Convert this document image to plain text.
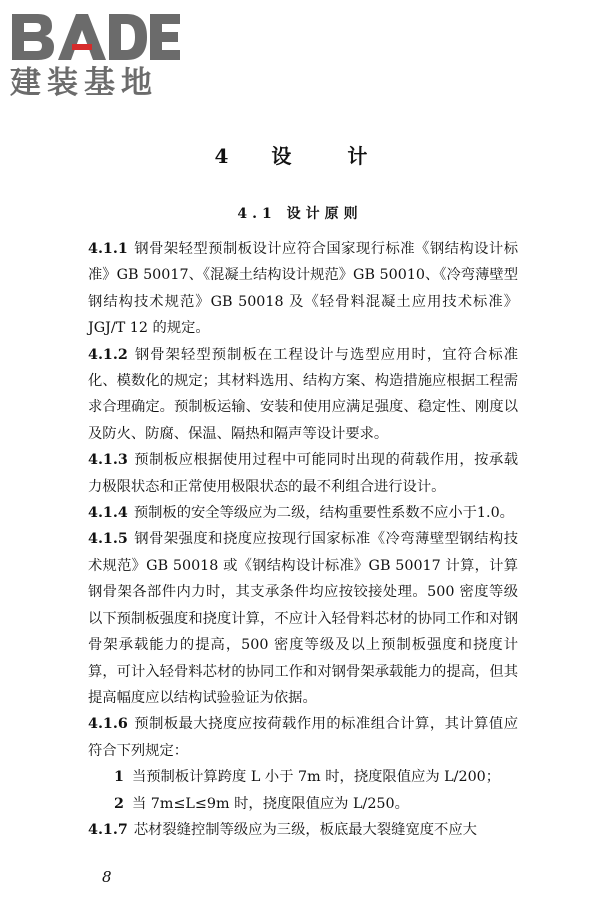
建装基地
4 设　计
4.1 设计原则

4.1.1 钢骨架轻型预制板设计应符合国家现行标准《钢结构设计标准》GB 50017、《混凝土结构设计规范》GB 50010、《冷弯薄壁型钢结构技术规范》GB 50018 及《轻骨料混凝土应用技术标准》JGJ/T 12 的规定。

4.1.2 钢骨架轻型预制板在工程设计与选型应用时，宜符合标准化、模数化的规定；其材料选用、结构方案、构造措施应根据工程需求合理确定。预制板运输、安装和使用应满足强度、稳定性、刚度以及防火、防腐、保温、隔热和隔声等设计要求。

4.1.3 预制板应根据使用过程中可能同时出现的荷载作用，按承载力极限状态和正常使用极限状态的最不利组合进行设计。

4.1.4 预制板的安全等级应为二级，结构重要性系数不应小于1.0。

4.1.5 钢骨架强度和挠度应按现行国家标准《冷弯薄壁型钢结构技术规范》GB 50018 或《钢结构设计标准》GB 50017 计算，计算钢骨架各部件内力时，其支承条件均应按铰接处理。500 密度等级以下预制板强度和挠度计算，不应计入轻骨料芯材的协同工作和对钢骨架承载能力的提高，500 密度等级及以上预制板强度和挠度计算，可计入轻骨料芯材的协同工作和对钢骨架承载能力的提高，但其提高幅度应以结构试验验证为依据。

4.1.6 预制板最大挠度应按荷载作用的标准组合计算，其计算值应符合下列规定：

1 当预制板计算跨度 L 小于 7m 时，挠度限值应为 L/200；

2 当 7m≤L≤9m 时，挠度限值应为 L/250。

4.1.7 芯材裂缝控制等级应为三级，板底最大裂缝宽度不应大

8
